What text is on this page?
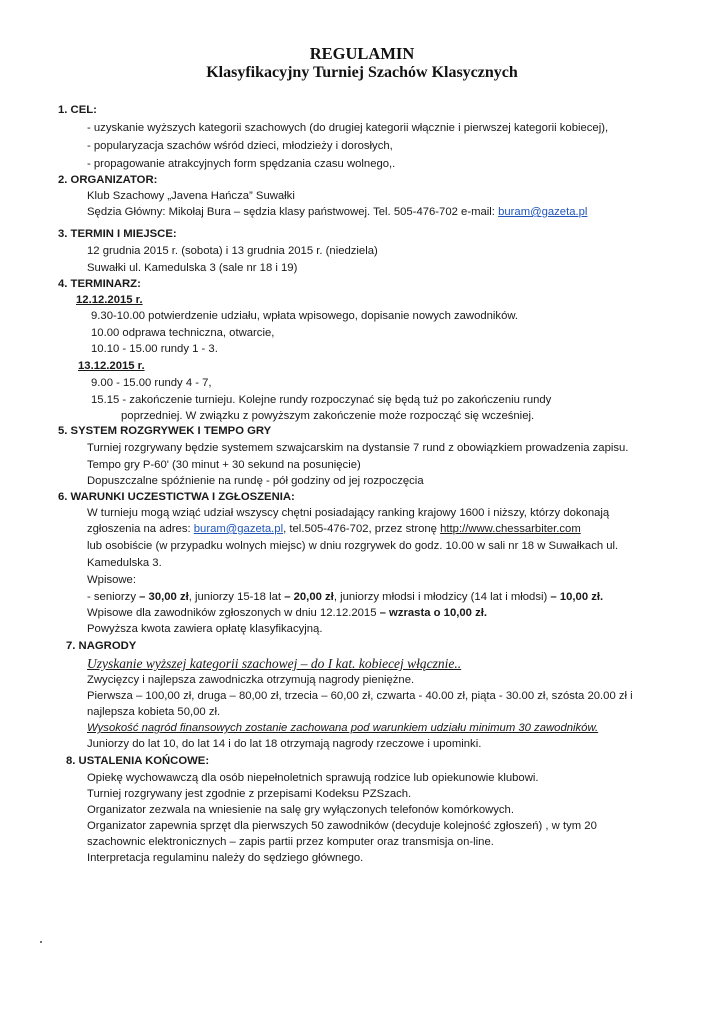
REGULAMIN
Klasyfikacyjny Turniej Szachów Klasycznych
1. CEL:
- uzyskanie wyższych kategorii szachowych (do drugiej kategorii włącznie i pierwszej kategorii kobiecej),
- popularyzacja szachów wśród dzieci, młodzieży i dorosłych,
- propagowanie atrakcyjnych form spędzania czasu wolnego,.
2. ORGANIZATOR:
Klub Szachowy „Javena Hańcza” Suwałki
Sędzia Główny: Mikołaj Bura – sędzia klasy państwowej. Tel. 505-476-702 e-mail: buram@gazeta.pl
3. TERMIN I MIEJSCE:
12 grudnia 2015 r. (sobota) i 13 grudnia 2015 r. (niedziela)
Suwałki ul. Kamedulska 3 (sale nr 18 i 19)
4. TERMINARZ:
12.12.2015 r.
9.30-10.00 potwierdzenie udziału, wpłata wpisowego, dopisanie nowych zawodników.
10.00 odprawa techniczna, otwarcie,
10.10 - 15.00 rundy 1 - 3.
13.12.2015 r.
9.00 - 15.00 rundy 4 - 7,
15.15 - zakończenie turnieju. Kolejne rundy rozpoczynać się będą tuż po zakończeniu rundy
poprzedniej. W związku z powyższym zakończenie może rozpocząć się wcześniej.
5. SYSTEM ROZGRYWEK I TEMPO GRY
Turniej rozgrywany będzie systemem szwajcarskim na dystansie 7 rund z obowiązkiem prowadzenia zapisu.
Tempo gry P-60' (30 minut + 30 sekund na posunięcie)
Dopuszczalne spóźnienie na rundę - pół godziny od jej rozpoczęcia
6. WARUNKI UCZESTICTWA I ZGŁOSZENIA:
W turnieju mogą wziąć udział wszyscy chętni posiadający ranking krajowy 1600 i niższy, którzy dokonają
zgłoszenia na adres: buram@gazeta.pl, tel.505-476-702, przez stronę http://www.chessarbiter.com
lub osobiście (w przypadku wolnych miejsc) w dniu rozgrywek do godz. 10.00 w sali nr 18 w Suwałkach ul.
Kamedulska 3.
Wpisowe:
- seniorzy – 30,00 zł, juniorzy 15-18 lat – 20,00 zł, juniorzy młodsi i młodzicy (14 lat i młodsi) – 10,00 zł.
Wpisowe dla zawodników zgłoszonych w dniu 12.12.2015 – wzrasta o 10,00 zł.
Powyższa kwota zawiera opłatę klasyfikacyjną.
7. NAGRODY
Uzyskanie wyższej kategorii szachowej – do I kat. kobiecej włącznie..
Zwycięzcy i najlepsza zawodniczka otrzymują nagrody pieniężne.
Pierwsza – 100,00 zł, druga – 80,00 zł, trzecia – 60,00 zł, czwarta - 40.00 zł, piąta - 30.00 zł, szósta 20.00 zł i
najlepsza kobieta 50,00 zł.
Wysokość nagród finansowych zostanie zachowana pod warunkiem udziału minimum 30 zawodników.
Juniorzy do lat 10, do lat 14 i do lat 18 otrzymają nagrody rzeczowe i upominki.
8. USTALENIA KOŃCOWE:
Opiekę wychowawczą dla osób niepełnoletnich sprawują rodzice lub opiekunowie klubowi.
Turniej rozgrywany jest zgodnie z przepisami Kodeksu PZSzach.
Organizator zezwala na wniesienie na salę gry wyłączonych telefonów komórkowych.
Organizator zapewnia sprzęt dla pierwszych 50 zawodników (decyduje kolejność zgłoszeń) , w tym 20
szachownic elektronicznych – zapis partii przez komputer oraz transmisja on-line.
Interpretacja regulaminu należy do sędziego głównego.
